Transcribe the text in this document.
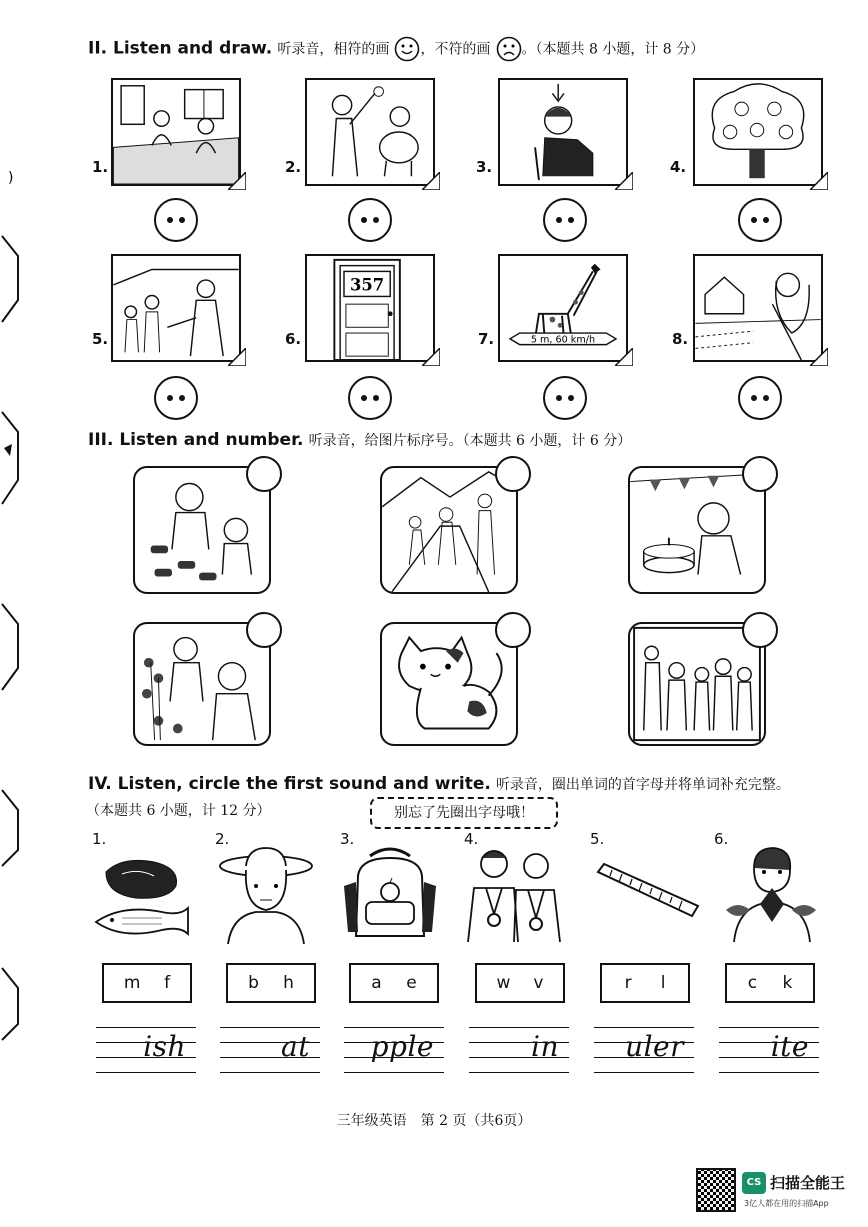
)
II. Listen and draw. 听录音，相符的画 ，不符的画 。（本题共 8 小题，计 8 分）
1.	2.	3.	4.
5.	6.
357
7.	5 m, 60 km/h	8.
III. Listen and number. 听录音，给图片标序号。（本题共 6 小题，计 6 分）
IV. Listen, circle the first sound and write. 听录音，圈出单词的首字母并将单词补充完整。
（本题共 6 小题，计 12 分）	别忘了先圈出字母哦！
1.	2.	3.	4.	5.	6.
m f	b h	a e	w v	r l	c k
ish	at	pple	in	uler	ite
三年级英语　第 2 页（共6页）
CS 扫描全能王
3亿人都在用的扫描App
